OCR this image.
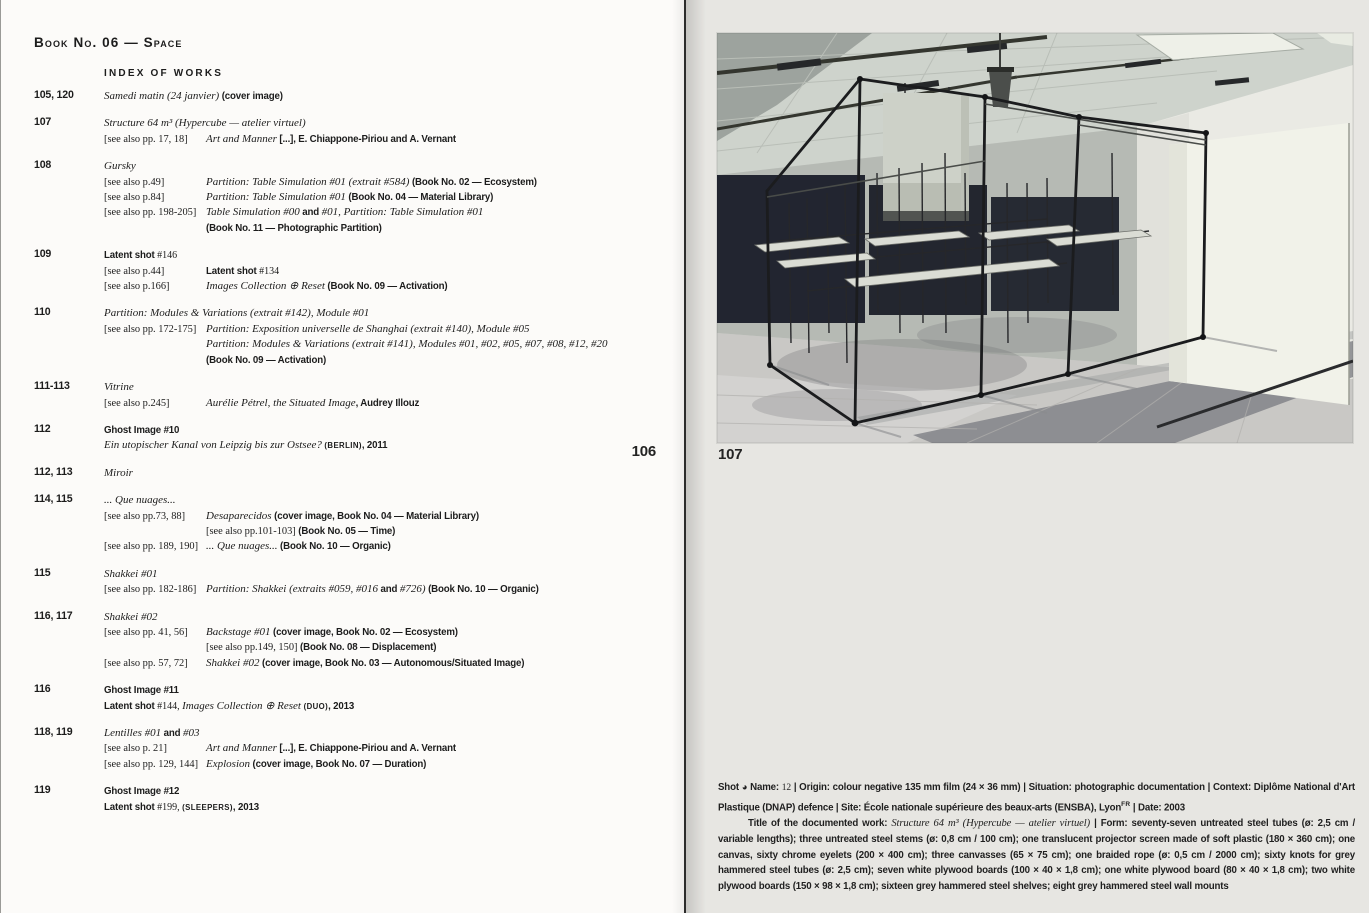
Book No. 06 — Space
INDEX OF WORKS
105, 120	Samedi matin (24 janvier) (cover image)
107	Structure 64 m³ (Hypercube — atelier virtuel)
[see also pp. 17, 18] Art and Manner [...], E. Chiappone-Piriou and A. Vernant
108	Gursky
[see also p.49]	Partition: Table Simulation #01 (extrait #584) (Book No. 02 — Ecosystem)
[see also p.84]	Partition: Table Simulation #01 (Book No. 04 — Material Library)
[see also pp. 198-205] Table Simulation #00 and #01, Partition: Table Simulation #01
(Book No. 11 — Photographic Partition)
109	Latent shot #146
[see also p.44]	Latent shot #134
[see also p.166]	Images Collection ⊕ Reset (Book No. 09 — Activation)
110	Partition: Modules & Variations (extrait #142), Module #01
[see also pp. 172-175] Partition: Exposition universelle de Shanghai (extrait #140), Module #05
Partition: Modules & Variations (extrait #141), Modules #01, #02, #05, #07, #08, #12, #20
(Book No. 09 — Activation)
111-113	Vitrine
[see also p.245]	Aurélie Pétrel, the Situated Image, Audrey Illouz
112	Ghost Image #10
Ein utopischer Kanal von Leipzig bis zur Ostsee? (BERLIN), 2011
112, 113	Miroir
114, 115	... Que nuages...
[see also pp.73, 88] Desaparecidos (cover image, Book No. 04 — Material Library)
[see also pp.101-103] (Book No. 05 — Time)
[see also pp. 189, 190] ... Que nuages... (Book No. 10 — Organic)
115	Shakkei #01
[see also pp. 182-186] Partition: Shakkei (extraits #059, #016 and #726) (Book No. 10 — Organic)
116, 117	Shakkei #02
[see also pp. 41, 56] Backstage #01 (cover image, Book No. 02 — Ecosystem)
[see also pp.149, 150] (Book No. 08 — Displacement)
[see also pp. 57, 72] Shakkei #02 (cover image, Book No. 03 — Autonomous/Situated Image)
116	Ghost Image #11
Latent shot #144, Images Collection ⊕ Reset (DUO), 2013
118, 119	Lentilles #01 and #03
[see also p. 21]	Art and Manner [...], E. Chiappone-Piriou and A. Vernant
[see also pp. 129, 144] Explosion (cover image, Book No. 07 — Duration)
119	Ghost Image #12
Latent shot #199, (SLEEPERS), 2013
106	107

Shot ◕ Name: 12 | Origin: colour negative 135 mm film (24 × 36 mm) | Situation: photographic documentation | Context: Diplôme National d'Art Plastique (DNAP) defence | Site: École nationale supérieure des beaux-arts (ENSBA), Lyon$^{FR}$ | Date: 2003

Title of the documented work: Structure 64 m³ (Hypercube — atelier virtuel) | Form: seventy-seven untreated steel tubes (ø: 2,5 cm / variable lengths); three untreated steel stems (ø: 0,8 cm / 100 cm); one translucent projector screen made of soft plastic (180 × 360 cm); one canvas, sixty chrome eyelets (200 × 400 cm); three canvasses (65 × 75 cm); one braided rope (ø: 0,5 cm / 2000 cm); sixty knots for grey hammered steel tubes (ø: 2,5 cm); seven white plywood boards (100 × 40 × 1,8 cm); one white plywood board (80 × 40 × 1,8 cm); two white plywood boards (150 × 98 × 1,8 cm); sixteen grey hammered steel shelves; eight grey hammered steel wall mounts
